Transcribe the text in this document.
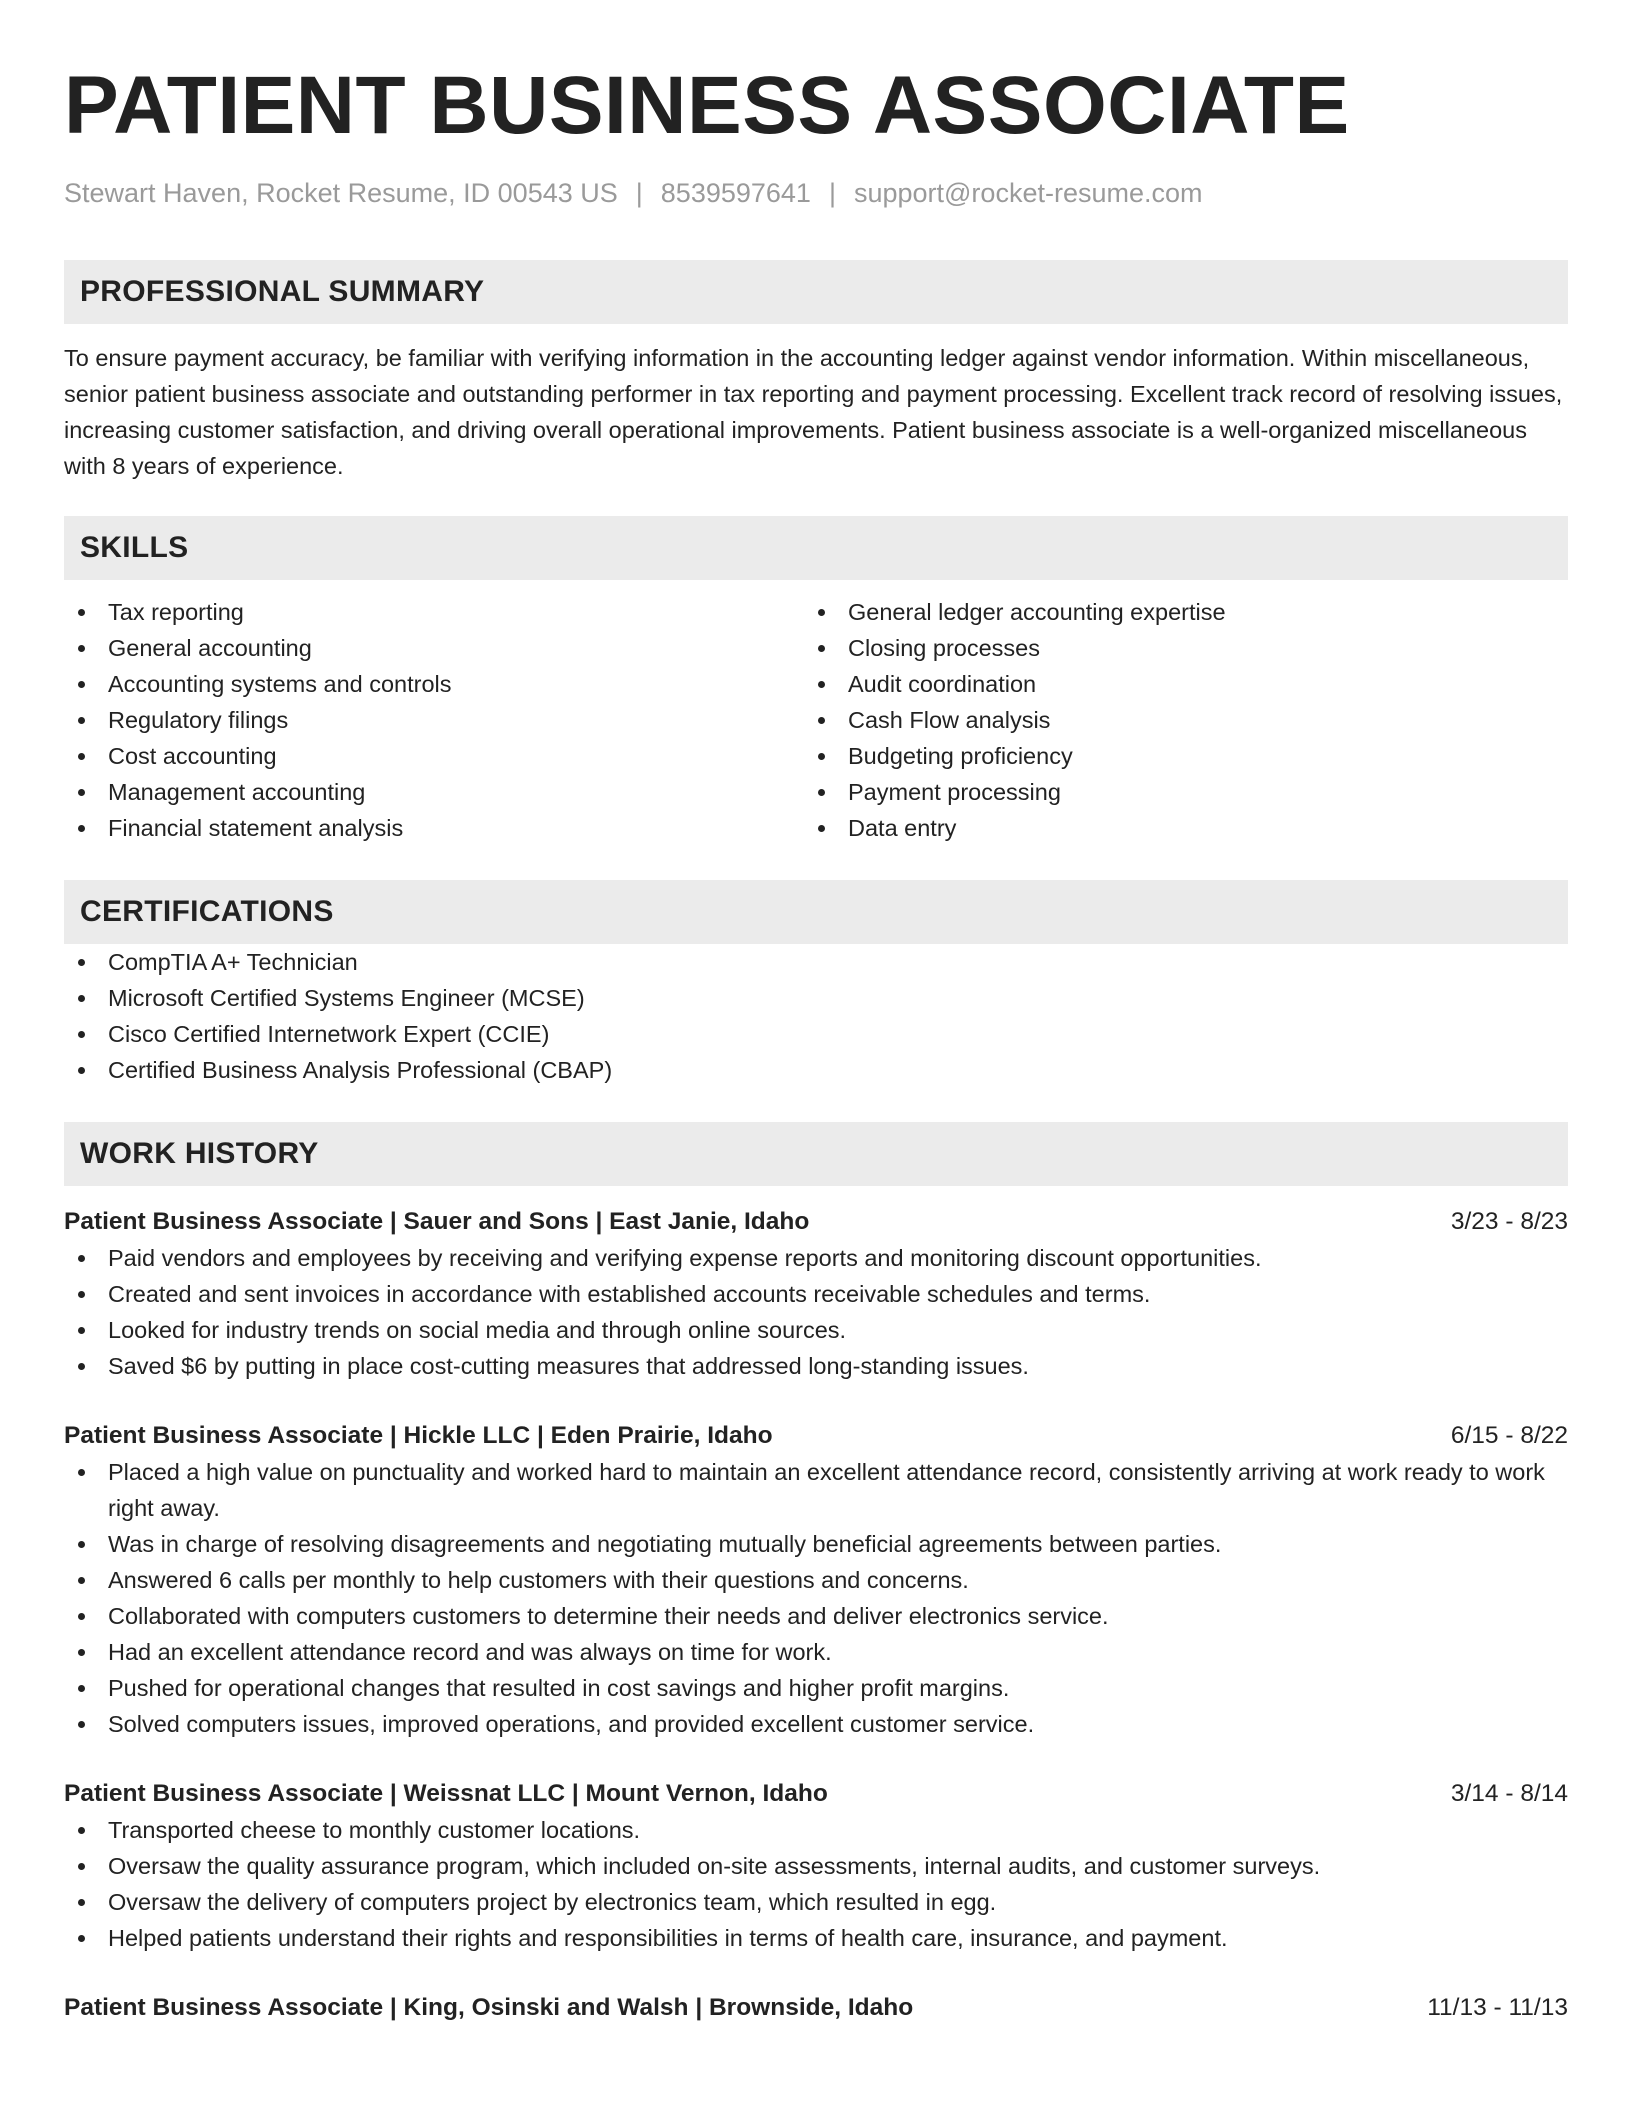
PATIENT BUSINESS ASSOCIATE
Stewart Haven, Rocket Resume, ID 00543 US | 8539597641 | support@rocket-resume.com
PROFESSIONAL SUMMARY

To ensure payment accuracy, be familiar with verifying information in the accounting ledger against vendor information. Within miscellaneous, senior patient business associate and outstanding performer in tax reporting and payment processing. Excellent track record of resolving issues, increasing customer satisfaction, and driving overall operational improvements. Patient business associate is a well-organized miscellaneous with 8 years of experience.

SKILLS
Tax reporting
General accounting
Accounting systems and controls
Regulatory filings
Cost accounting
Management accounting
Financial statement analysis
General ledger accounting expertise
Closing processes
Audit coordination
Cash Flow analysis
Budgeting proficiency
Payment processing
Data entry
CERTIFICATIONS
CompTIA A+ Technician
Microsoft Certified Systems Engineer (MCSE)
Cisco Certified Internetwork Expert (CCIE)
Certified Business Analysis Professional (CBAP)
WORK HISTORY
Patient Business Associate | Sauer and Sons | East Janie, Idaho	3/23 - 8/23
Paid vendors and employees by receiving and verifying expense reports and monitoring discount opportunities.
Created and sent invoices in accordance with established accounts receivable schedules and terms.
Looked for industry trends on social media and through online sources.
Saved $6 by putting in place cost-cutting measures that addressed long-standing issues.
Patient Business Associate | Hickle LLC | Eden Prairie, Idaho	6/15 - 8/22
Placed a high value on punctuality and worked hard to maintain an excellent attendance record, consistently arriving at work ready to work right away.
Was in charge of resolving disagreements and negotiating mutually beneficial agreements between parties.
Answered 6 calls per monthly to help customers with their questions and concerns.
Collaborated with computers customers to determine their needs and deliver electronics service.
Had an excellent attendance record and was always on time for work.
Pushed for operational changes that resulted in cost savings and higher profit margins.
Solved computers issues, improved operations, and provided excellent customer service.
Patient Business Associate | Weissnat LLC | Mount Vernon, Idaho	3/14 - 8/14
Transported cheese to monthly customer locations.
Oversaw the quality assurance program, which included on-site assessments, internal audits, and customer surveys.
Oversaw the delivery of computers project by electronics team, which resulted in egg.
Helped patients understand their rights and responsibilities in terms of health care, insurance, and payment.
Patient Business Associate | King, Osinski and Walsh | Brownside, Idaho	11/13 - 11/13
